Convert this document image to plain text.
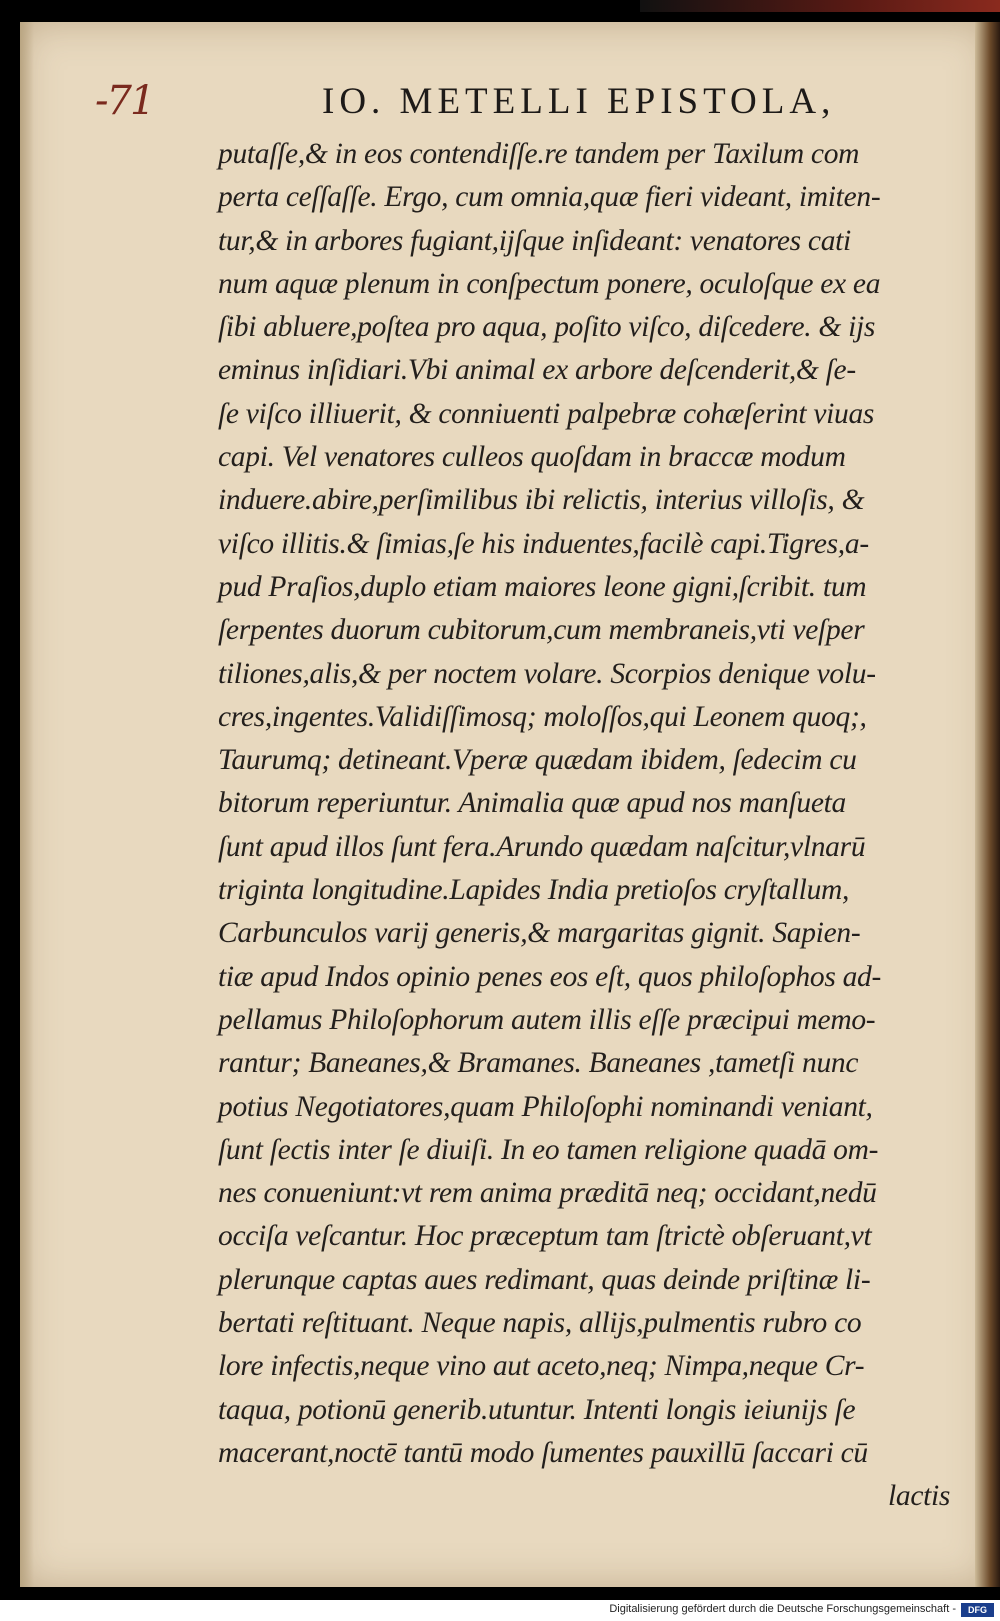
-71	IO. METELLI EPISTOLA,
putaſſe,& in eos contendiſſe.re tandem per Taxilum com
perta ceſſaſſe. Ergo, cum omnia,quæ fieri videant, imiten-
tur,& in arbores fugiant,ijſque inſideant: venatores cati
num aquæ plenum in conſpectum ponere, oculoſque ex ea
ſibi abluere,poſtea pro aqua, poſito viſco, diſcedere. & ijs
eminus inſidiari.Vbi animal ex arbore deſcenderit,& ſe-
ſe viſco illiuerit, & conniuenti palpebræ cohæſerint viuas
capi. Vel venatores culleos quoſdam in braccæ modum
induere.abire,perſimilibus ibi relictis, interius villoſis, &
viſco illitis.& ſimias,ſe his induentes,facilè capi.Tigres,a-
pud Praſios,duplo etiam maiores leone gigni,ſcribit. tum
ſerpentes duorum cubitorum,cum membraneis,vti veſper
tiliones,alis,& per noctem volare. Scorpios denique volu-
cres,ingentes.Validiſſimosq; moloſſos,qui Leonem quoq;,
Taurumq; detineant.Vperæ quædam ibidem, ſedecim cu
bitorum reperiuntur. Animalia quæ apud nos manſueta
ſunt apud illos ſunt fera.Arundo quædam naſcitur,vlnarū
triginta longitudine.Lapides India pretioſos cryſtallum,
Carbunculos varij generis,& margaritas gignit. Sapien-
tiæ apud Indos opinio penes eos eſt, quos philoſophos ad-
pellamus Philoſophorum autem illis eſſe præcipui memo-
rantur; Baneanes,& Bramanes. Baneanes ,tametſi nunc
potius Negotiatores,quam Philoſophi nominandi veniant,
ſunt ſectis inter ſe diuiſi. In eo tamen religione quadā om-
nes conueniunt:vt rem anima præditā neq; occidant,nedū
occiſa veſcantur. Hoc præceptum tam ſtrictè obſeruant,vt
plerunque captas aues redimant, quas deinde priſtinæ li-
bertati reſtituant. Neque napis, allijs,pulmentis rubro co
lore infectis,neque vino aut aceto,neq; Nimpa,neque Cr-
taqua, potionū generib.utuntur. Intenti longis ieiunijs ſe
macerant,noctē tantū modo ſumentes pauxillū ſaccari cū
lactis
Digitalisierung gefördert durch die Deutsche Forschungsgemeinschaft -	DFG
